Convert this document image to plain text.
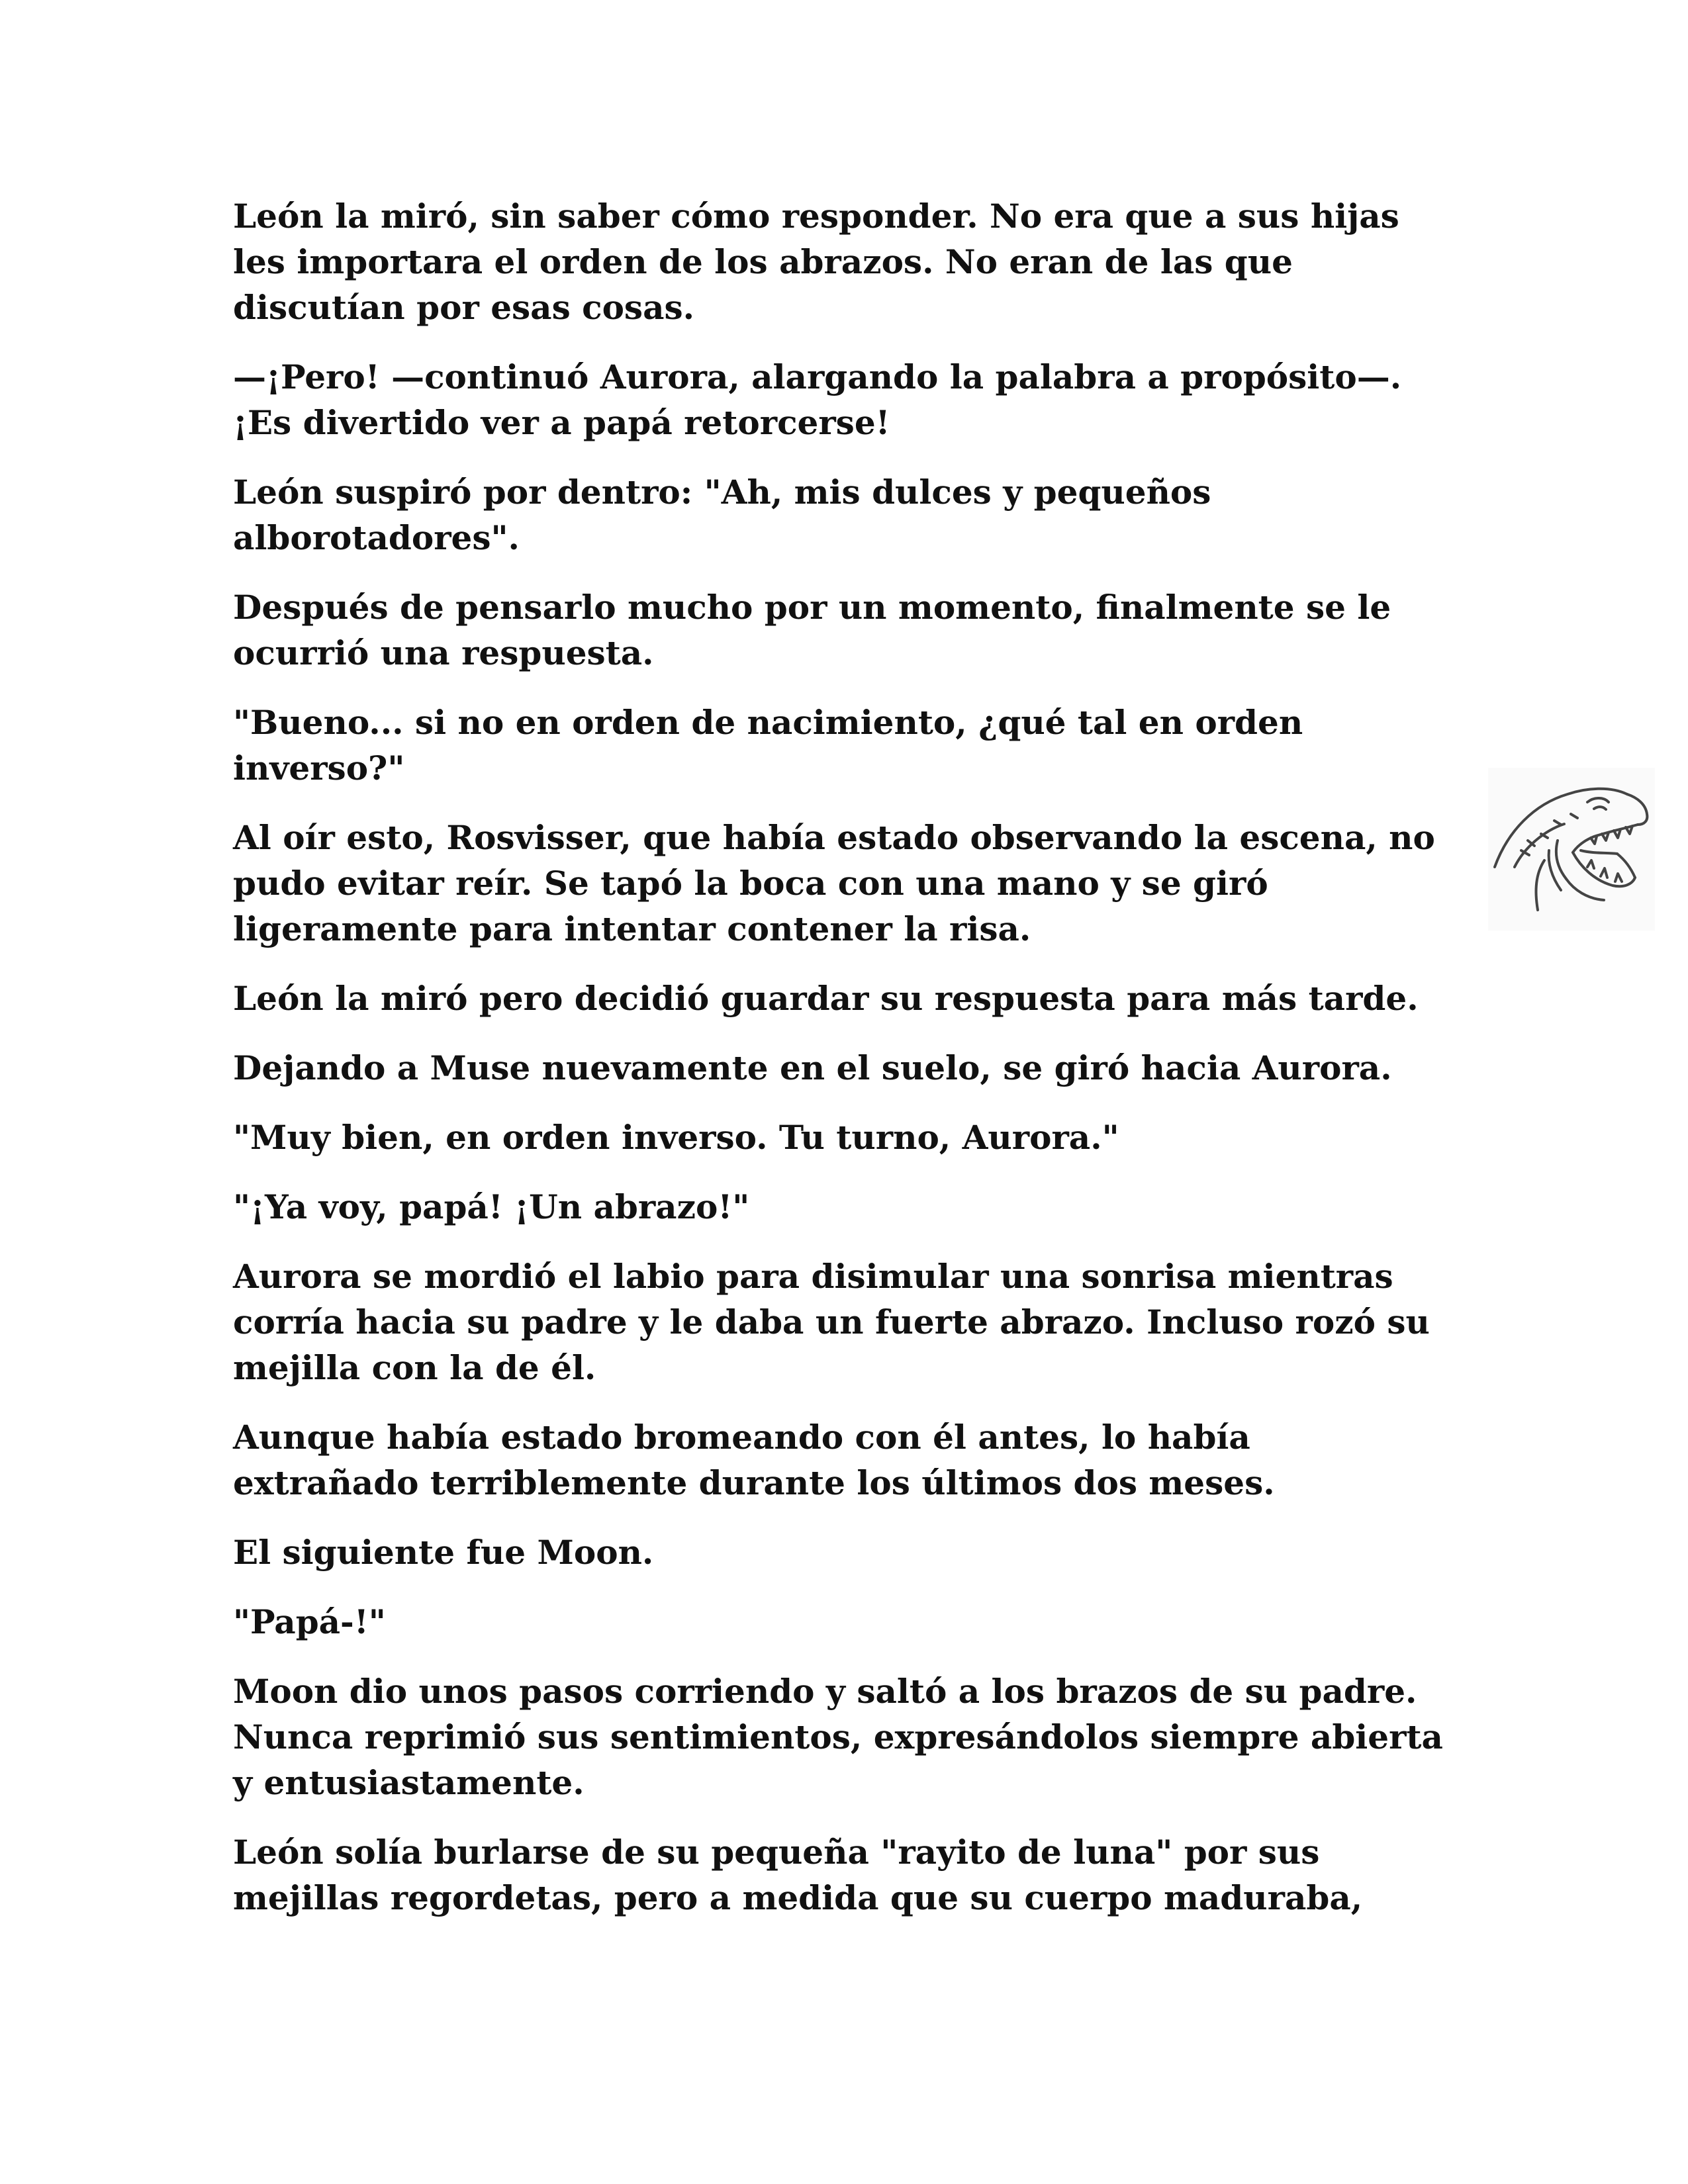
León la miró, sin saber cómo responder. No era que a sus hijas les importara el orden de los abrazos. No eran de las que discutían por esas cosas.

—¡Pero! —continuó Aurora, alargando la palabra a propósito—. ¡Es divertido ver a papá retorcerse!

León suspiró por dentro: "Ah, mis dulces y pequeños alborotadores".

Después de pensarlo mucho por un momento, finalmente se le ocurrió una respuesta.

"Bueno... si no en orden de nacimiento, ¿qué tal en orden inverso?"

Al oír esto, Rosvisser, que había estado observando la escena, no pudo evitar reír. Se tapó la boca con una mano y se giró ligeramente para intentar contener la risa.

León la miró pero decidió guardar su respuesta para más tarde.

Dejando a Muse nuevamente en el suelo, se giró hacia Aurora.

"Muy bien, en orden inverso. Tu turno, Aurora."

"¡Ya voy, papá! ¡Un abrazo!"

Aurora se mordió el labio para disimular una sonrisa mientras corría hacia su padre y le daba un fuerte abrazo. Incluso rozó su mejilla con la de él.

Aunque había estado bromeando con él antes, lo había extrañado terriblemente durante los últimos dos meses.

El siguiente fue Moon.

"Papá-!"

Moon dio unos pasos corriendo y saltó a los brazos de su padre. Nunca reprimió sus sentimientos, expresándolos siempre abierta y entusiastamente.

León solía burlarse de su pequeña "rayito de luna" por sus mejillas regordetas, pero a medida que su cuerpo maduraba,
